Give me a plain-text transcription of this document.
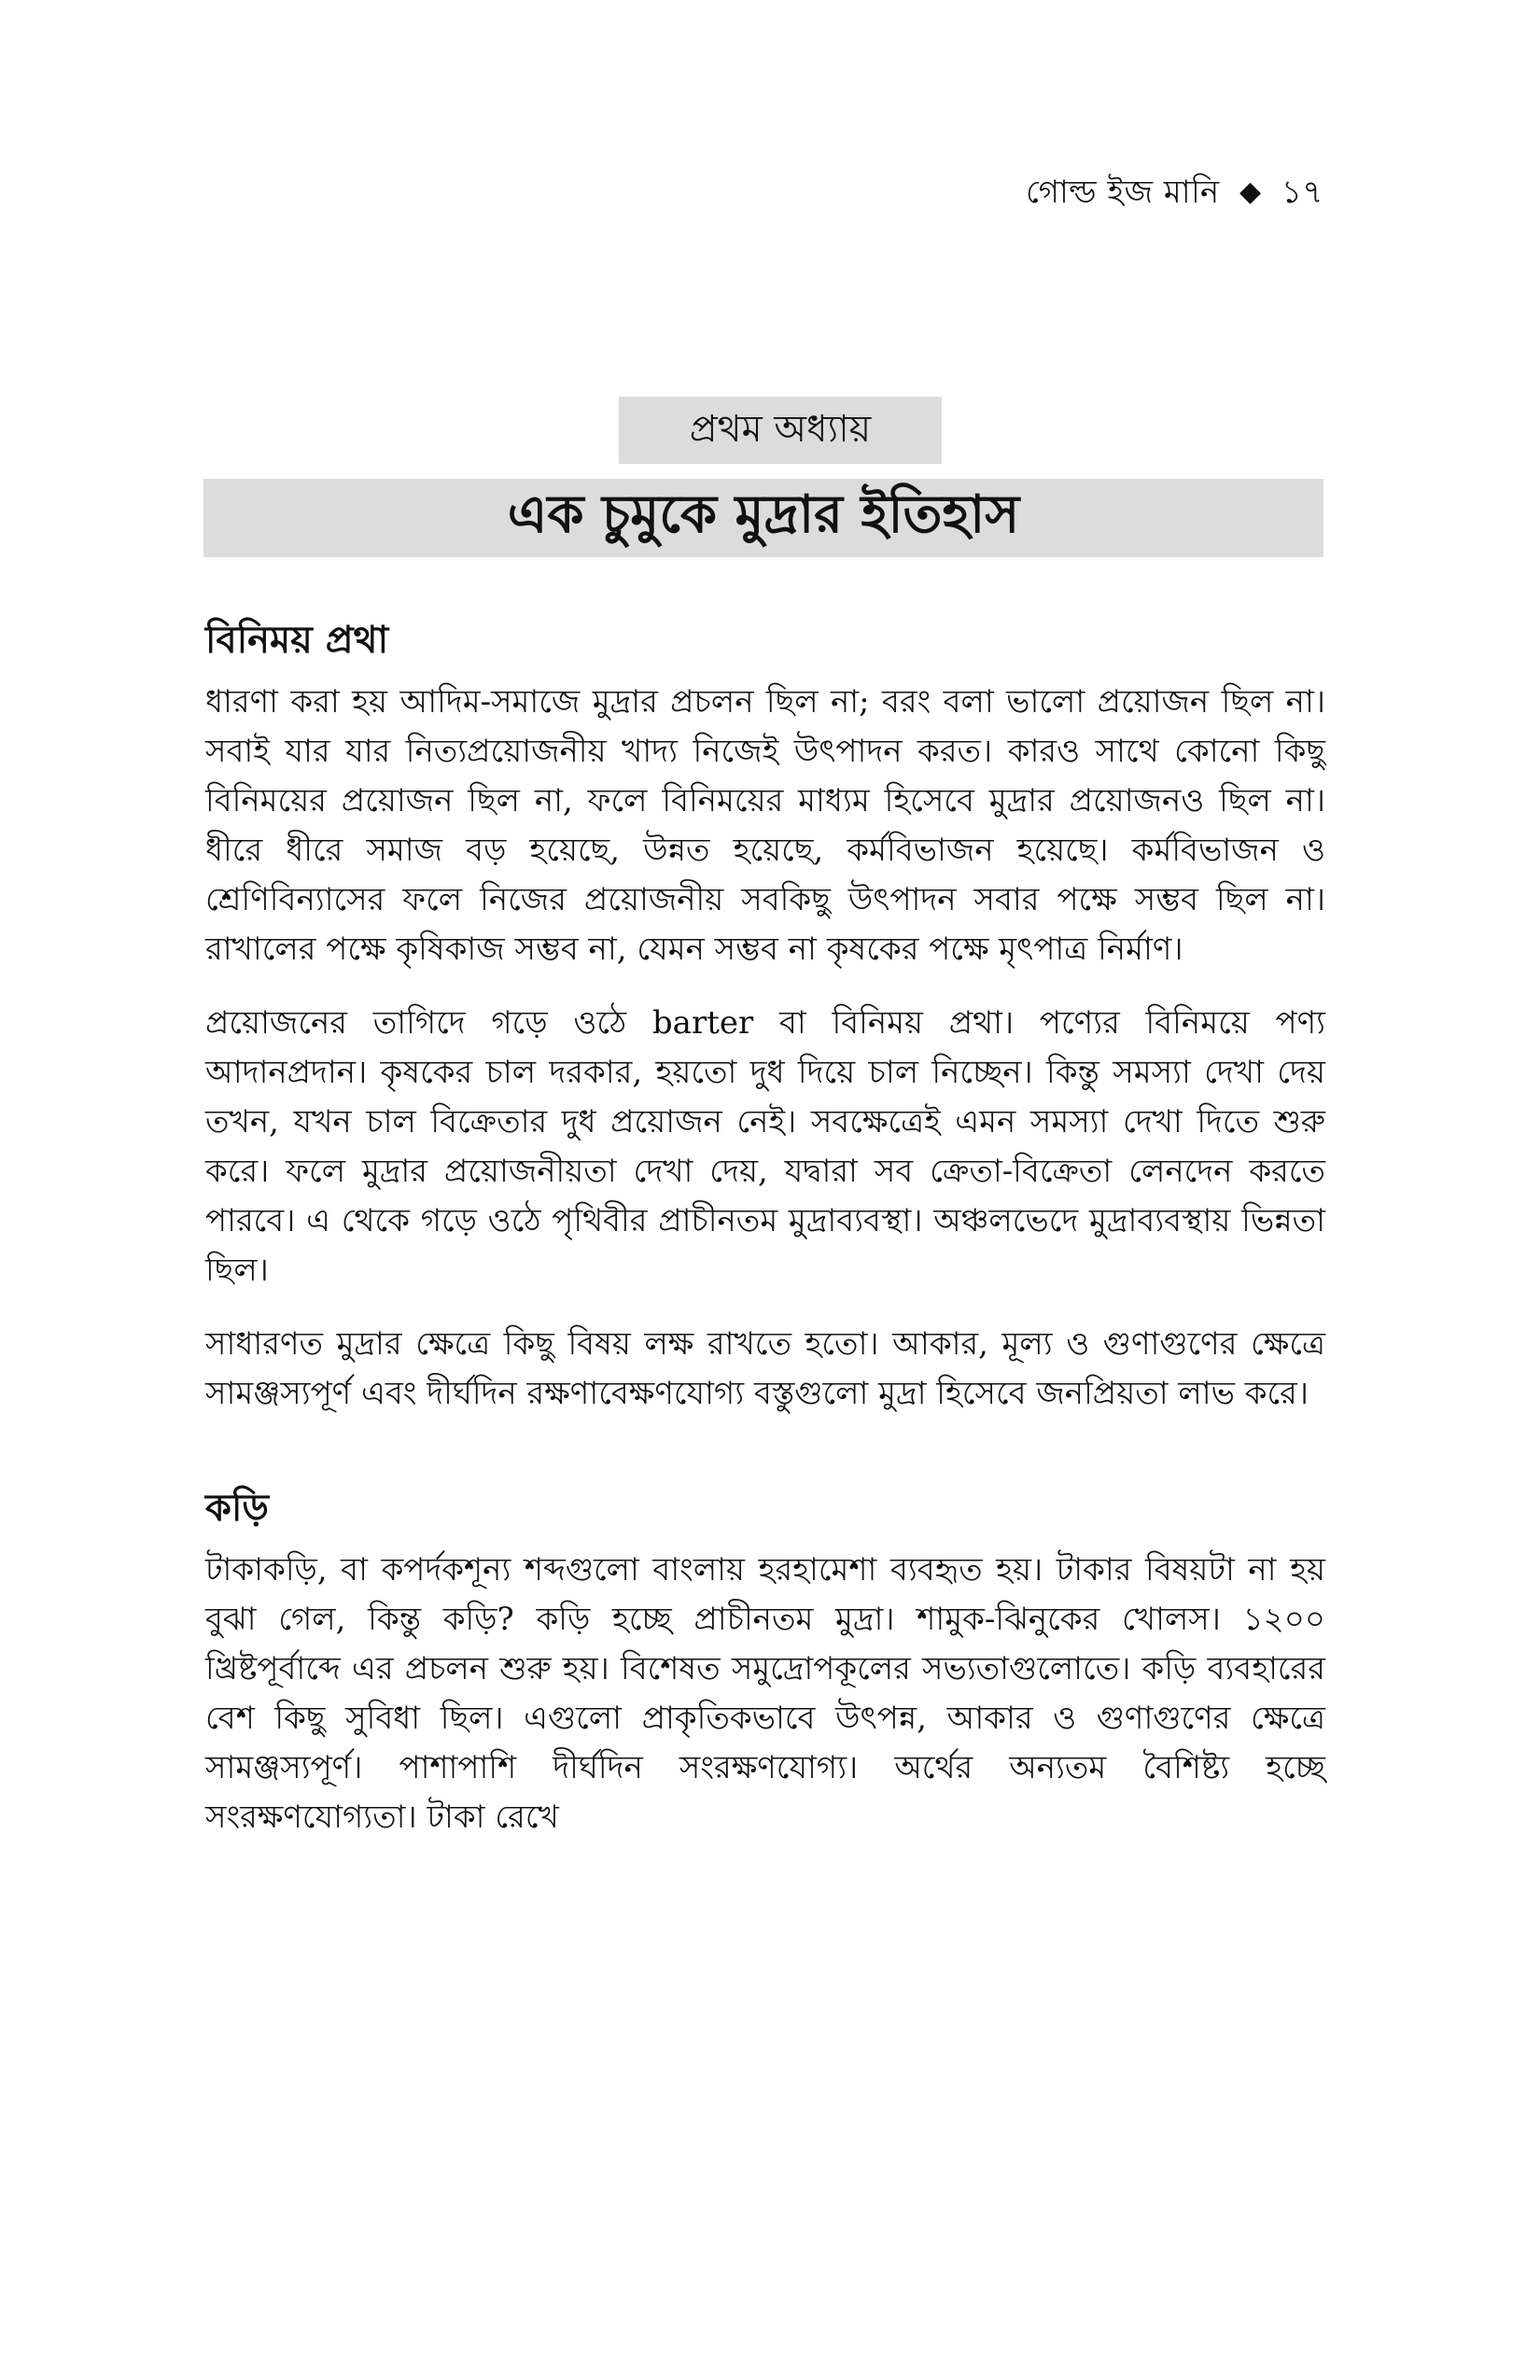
গোল্ড ইজ মানি ◆ ১৭
প্রথম অধ্যায়
এক চুমুকে মুদ্রার ইতিহাস
বিনিময় প্রথা

ধারণা করা হয় আদিম-সমাজে মুদ্রার প্রচলন ছিল না; বরং বলা ভালো প্রয়োজন ছিল না। সবাই যার যার নিত্যপ্রয়োজনীয় খাদ্য নিজেই উৎপাদন করত। কারও সাথে কোনো কিছু বিনিময়ের প্রয়োজন ছিল না, ফলে বিনিময়ের মাধ্যম হিসেবে মুদ্রার প্রয়োজনও ছিল না। ধীরে ধীরে সমাজ বড় হয়েছে, উন্নত হয়েছে, কর্মবিভাজন হয়েছে। কর্মবিভাজন ও শ্রেণিবিন্যাসের ফলে নিজের প্রয়োজনীয় সবকিছু উৎপাদন সবার পক্ষে সম্ভব ছিল না। রাখালের পক্ষে কৃষিকাজ সম্ভব না, যেমন সম্ভব না কৃষকের পক্ষে মৃৎপাত্র নির্মাণ।

প্রয়োজনের তাগিদে গড়ে ওঠে barter বা বিনিময় প্রথা। পণ্যের বিনিময়ে পণ্য আদানপ্রদান। কৃষকের চাল দরকার, হয়তো দুধ দিয়ে চাল নিচ্ছেন। কিন্তু সমস্যা দেখা দেয় তখন, যখন চাল বিক্রেতার দুধ প্রয়োজন নেই। সবক্ষেত্রেই এমন সমস্যা দেখা দিতে শুরু করে। ফলে মুদ্রার প্রয়োজনীয়তা দেখা দেয়, যদ্বারা সব ক্রেতা-বিক্রেতা লেনদেন করতে পারবে। এ থেকে গড়ে ওঠে পৃথিবীর প্রাচীনতম মুদ্রাব্যবস্থা। অঞ্চলভেদে মুদ্রাব্যবস্থায় ভিন্নতা ছিল।

সাধারণত মুদ্রার ক্ষেত্রে কিছু বিষয় লক্ষ রাখতে হতো। আকার, মূল্য ও গুণাগুণের ক্ষেত্রে সামঞ্জস্যপূর্ণ এবং দীর্ঘদিন রক্ষণাবেক্ষণযোগ্য বস্তুগুলো মুদ্রা হিসেবে জনপ্রিয়তা লাভ করে।

কড়ি

টাকাকড়ি, বা কপর্দকশূন্য শব্দগুলো বাংলায় হরহামেশা ব্যবহৃত হয়। টাকার বিষয়টা না হয় বুঝা গেল, কিন্তু কড়ি? কড়ি হচ্ছে প্রাচীনতম মুদ্রা। শামুক-ঝিনুকের খোলস। ১২০০ খ্রিষ্টপূর্বাব্দে এর প্রচলন শুরু হয়। বিশেষত সমুদ্রোপকূলের সভ্যতাগুলোতে। কড়ি ব্যবহারের বেশ কিছু সুবিধা ছিল। এগুলো প্রাকৃতিকভাবে উৎপন্ন, আকার ও গুণাগুণের ক্ষেত্রে সামঞ্জস্যপূর্ণ। পাশাপাশি দীর্ঘদিন সংরক্ষণযোগ্য। অর্থের অন্যতম বৈশিষ্ট্য হচ্ছে সংরক্ষণযোগ্যতা। টাকা রেখে
